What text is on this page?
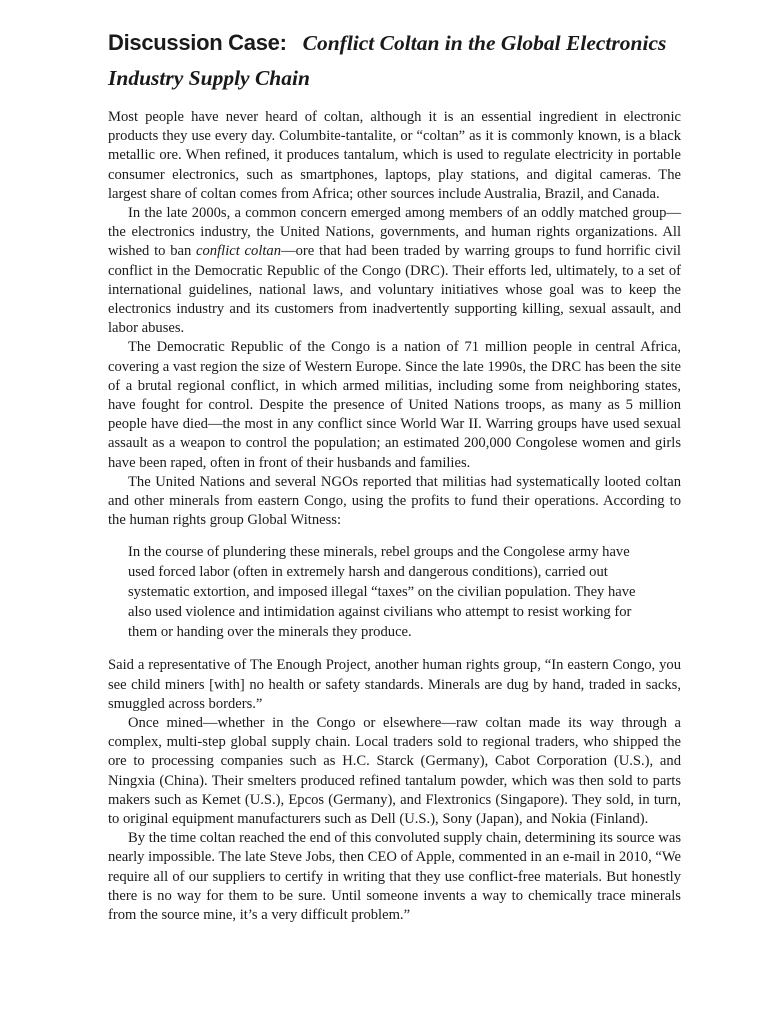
Discussion Case: Conflict Coltan in the Global Electronics Industry Supply Chain

Most people have never heard of coltan, although it is an essential ingredient in electronic products they use every day. Columbite-tantalite, or “coltan” as it is commonly known, is a black metallic ore. When refined, it produces tantalum, which is used to regulate electricity in portable consumer electronics, such as smartphones, laptops, play stations, and digital cameras. The largest share of coltan comes from Africa; other sources include Australia, Brazil, and Canada.

In the late 2000s, a common concern emerged among members of an oddly matched group—the electronics industry, the United Nations, governments, and human rights organizations. All wished to ban conflict coltan—ore that had been traded by warring groups to fund horrific civil conflict in the Democratic Republic of the Congo (DRC). Their efforts led, ultimately, to a set of international guidelines, national laws, and voluntary initiatives whose goal was to keep the electronics industry and its customers from inadvertently supporting killing, sexual assault, and labor abuses.

The Democratic Republic of the Congo is a nation of 71 million people in central Africa, covering a vast region the size of Western Europe. Since the late 1990s, the DRC has been the site of a brutal regional conflict, in which armed militias, including some from neighboring states, have fought for control. Despite the presence of United Nations troops, as many as 5 million people have died—the most in any conflict since World War II. Warring groups have used sexual assault as a weapon to control the population; an estimated 200,000 Congolese women and girls have been raped, often in front of their husbands and families.

The United Nations and several NGOs reported that militias had systematically looted coltan and other minerals from eastern Congo, using the profits to fund their operations. According to the human rights group Global Witness:

In the course of plundering these minerals, rebel groups and the Congolese army have used forced labor (often in extremely harsh and dangerous conditions), carried out systematic extortion, and imposed illegal “taxes” on the civilian population. They have also used violence and intimidation against civilians who attempt to resist working for them or handing over the minerals they produce.

Said a representative of The Enough Project, another human rights group, “In eastern Congo, you see child miners [with] no health or safety standards. Minerals are dug by hand, traded in sacks, smuggled across borders.”

Once mined—whether in the Congo or elsewhere—raw coltan made its way through a complex, multi-step global supply chain. Local traders sold to regional traders, who shipped the ore to processing companies such as H.C. Starck (Germany), Cabot Corporation (U.S.), and Ningxia (China). Their smelters produced refined tantalum powder, which was then sold to parts makers such as Kemet (U.S.), Epcos (Germany), and Flextronics (Singapore). They sold, in turn, to original equipment manufacturers such as Dell (U.S.), Sony (Japan), and Nokia (Finland).

By the time coltan reached the end of this convoluted supply chain, determining its source was nearly impossible. The late Steve Jobs, then CEO of Apple, commented in an e-mail in 2010, “We require all of our suppliers to certify in writing that they use conflict-free materials. But honestly there is no way for them to be sure. Until someone invents a way to chemically trace minerals from the source mine, it’s a very difficult problem.”
